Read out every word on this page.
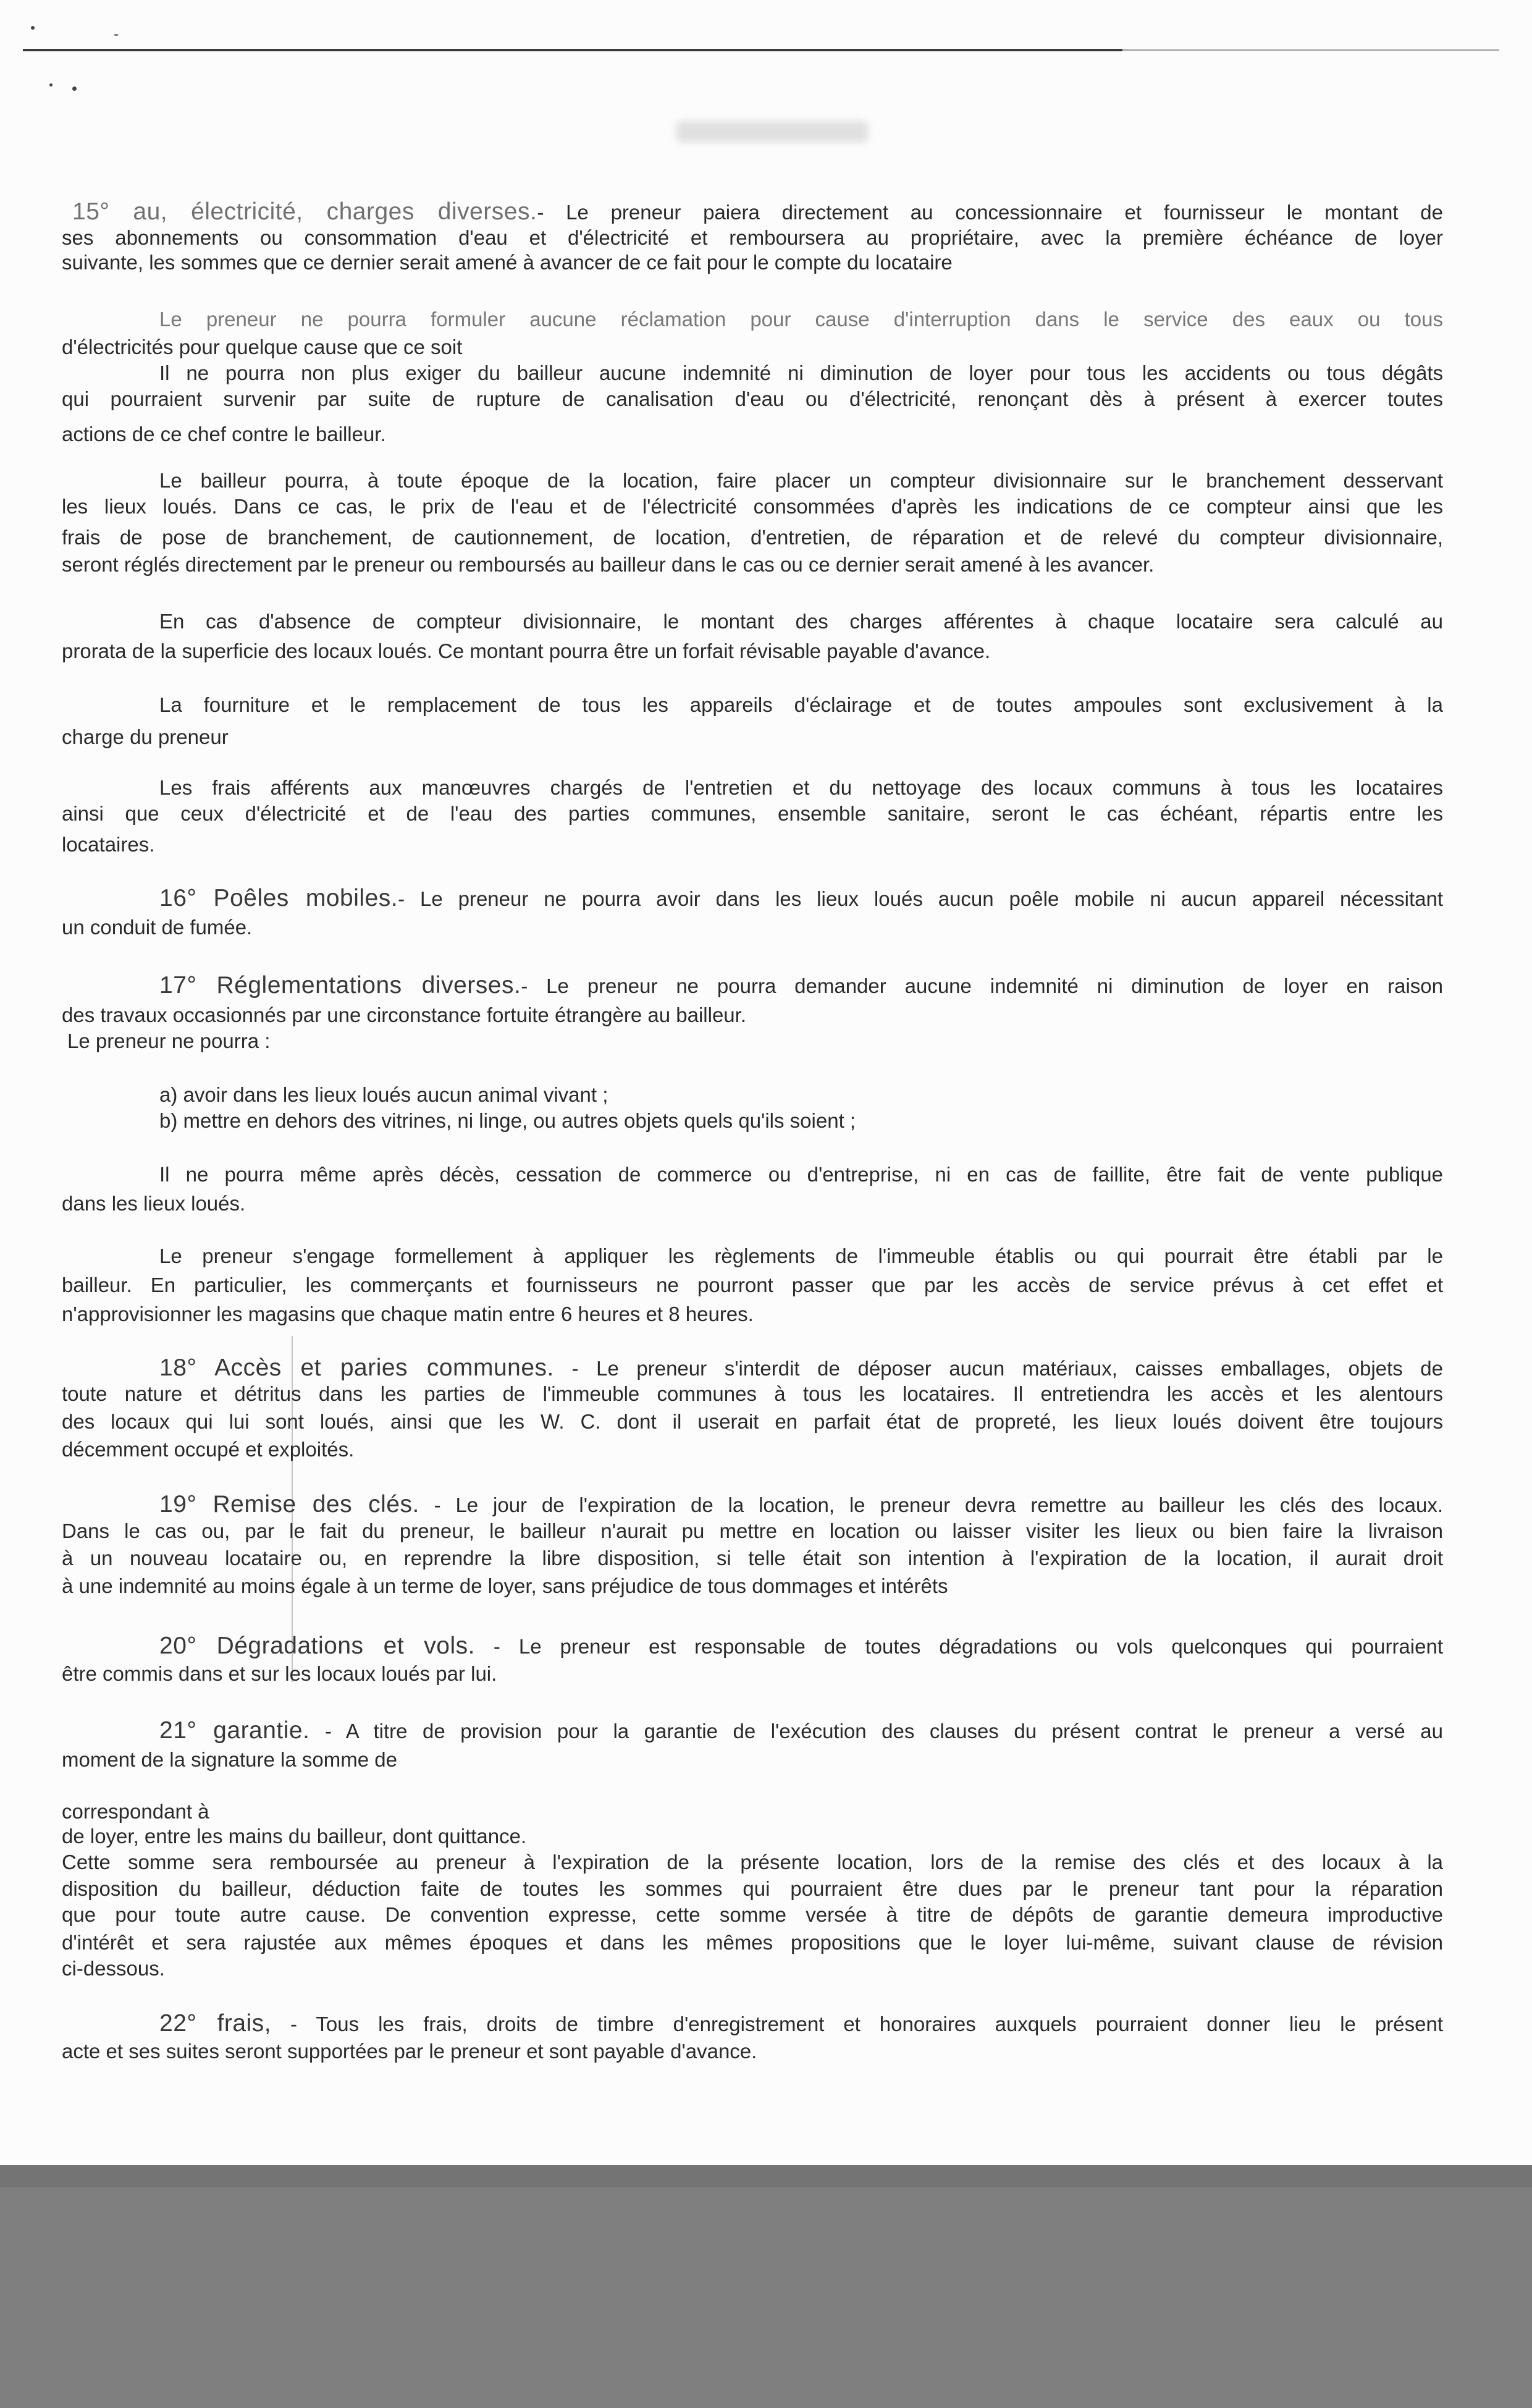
15° au, électricité, charges diverses.- Le preneur paiera directement au concessionnaire et fournisseur le montant de
ses abonnements ou consommation d'eau et d'électricité et remboursera au propriétaire, avec la première échéance de loyer
suivante, les sommes que ce dernier serait amené à avancer de ce fait pour le compte du locataire
Le preneur ne pourra formuler aucune réclamation pour cause d'interruption dans le service des eaux ou tous
d'électricités pour quelque cause que ce soit
Il ne pourra non plus exiger du bailleur aucune indemnité ni diminution de loyer pour tous les accidents ou tous dégâts
qui pourraient survenir par suite de rupture de canalisation d'eau ou d'électricité, renonçant dès à présent à exercer toutes
actions de ce chef contre le bailleur.
Le bailleur pourra, à toute époque de la location, faire placer un compteur divisionnaire sur le branchement desservant
les lieux loués. Dans ce cas, le prix de l'eau et de l'électricité consommées d'après les indications de ce compteur ainsi que les
frais de pose de branchement, de cautionnement, de location, d'entretien, de réparation et de relevé du compteur divisionnaire,
seront réglés directement par le preneur ou remboursés au bailleur dans le cas ou ce dernier serait amené à les avancer.
En cas d'absence de compteur divisionnaire, le montant des charges afférentes à chaque locataire sera calculé au
prorata de la superficie des locaux loués. Ce montant pourra être un forfait révisable payable d'avance.
La fourniture et le remplacement de tous les appareils d'éclairage et de toutes ampoules sont exclusivement à la
charge du preneur
Les frais afférents aux manœuvres chargés de l'entretien et du nettoyage des locaux communs à tous les locataires
ainsi que ceux d'électricité et de l'eau des parties communes, ensemble sanitaire, seront le cas échéant, répartis entre les
locataires.
16° Poêles mobiles.- Le preneur ne pourra avoir dans les lieux loués aucun poêle mobile ni aucun appareil nécessitant
un conduit de fumée.
17° Réglementations diverses.- Le preneur ne pourra demander aucune indemnité ni diminution de loyer en raison
des travaux occasionnés par une circonstance fortuite étrangère au bailleur.
Le preneur ne pourra :
a) avoir dans les lieux loués aucun animal vivant ;
b) mettre en dehors des vitrines, ni linge, ou autres objets quels qu'ils soient ;
Il ne pourra même après décès, cessation de commerce ou d'entreprise, ni en cas de faillite, être fait de vente publique
dans les lieux loués.
Le preneur s'engage formellement à appliquer les règlements de l'immeuble établis ou qui pourrait être établi par le
bailleur. En particulier, les commerçants et fournisseurs ne pourront passer que par les accès de service prévus à cet effet et
n'approvisionner les magasins que chaque matin entre 6 heures et 8 heures.
18° Accès et paries communes. - Le preneur s'interdit de déposer aucun matériaux, caisses emballages, objets de
toute nature et détritus dans les parties de l'immeuble communes à tous les locataires. Il entretiendra les accès et les alentours
des locaux qui lui sont loués, ainsi que les W. C. dont il userait en parfait état de propreté, les lieux loués doivent être toujours
décemment occupé et exploités.
19° Remise des clés. - Le jour de l'expiration de la location, le preneur devra remettre au bailleur les clés des locaux.
Dans le cas ou, par le fait du preneur, le bailleur n'aurait pu mettre en location ou laisser visiter les lieux ou bien faire la livraison
à un nouveau locataire ou, en reprendre la libre disposition, si telle était son intention à l'expiration de la location, il aurait droit
à une indemnité au moins égale à un terme de loyer, sans préjudice de tous dommages et intérêts
20° Dégradations et vols. - Le preneur est responsable de toutes dégradations ou vols quelconques qui pourraient
être commis dans et sur les locaux loués par lui.
21° garantie. - A titre de provision pour la garantie de l'exécution des clauses du présent contrat le preneur a versé au
moment de la signature la somme de
correspondant à
de loyer, entre les mains du bailleur, dont quittance.
Cette somme sera remboursée au preneur à l'expiration de la présente location, lors de la remise des clés et des locaux à la
disposition du bailleur, déduction faite de toutes les sommes qui pourraient être dues par le preneur tant pour la réparation
que pour toute autre cause. De convention expresse, cette somme versée à titre de dépôts de garantie demeura improductive
d'intérêt et sera rajustée aux mêmes époques et dans les mêmes propositions que le loyer lui-même, suivant clause de révision
ci-dessous.
22° frais, - Tous les frais, droits de timbre d'enregistrement et honoraires auxquels pourraient donner lieu le présent
acte et ses suites seront supportées par le preneur et sont payable d'avance.
